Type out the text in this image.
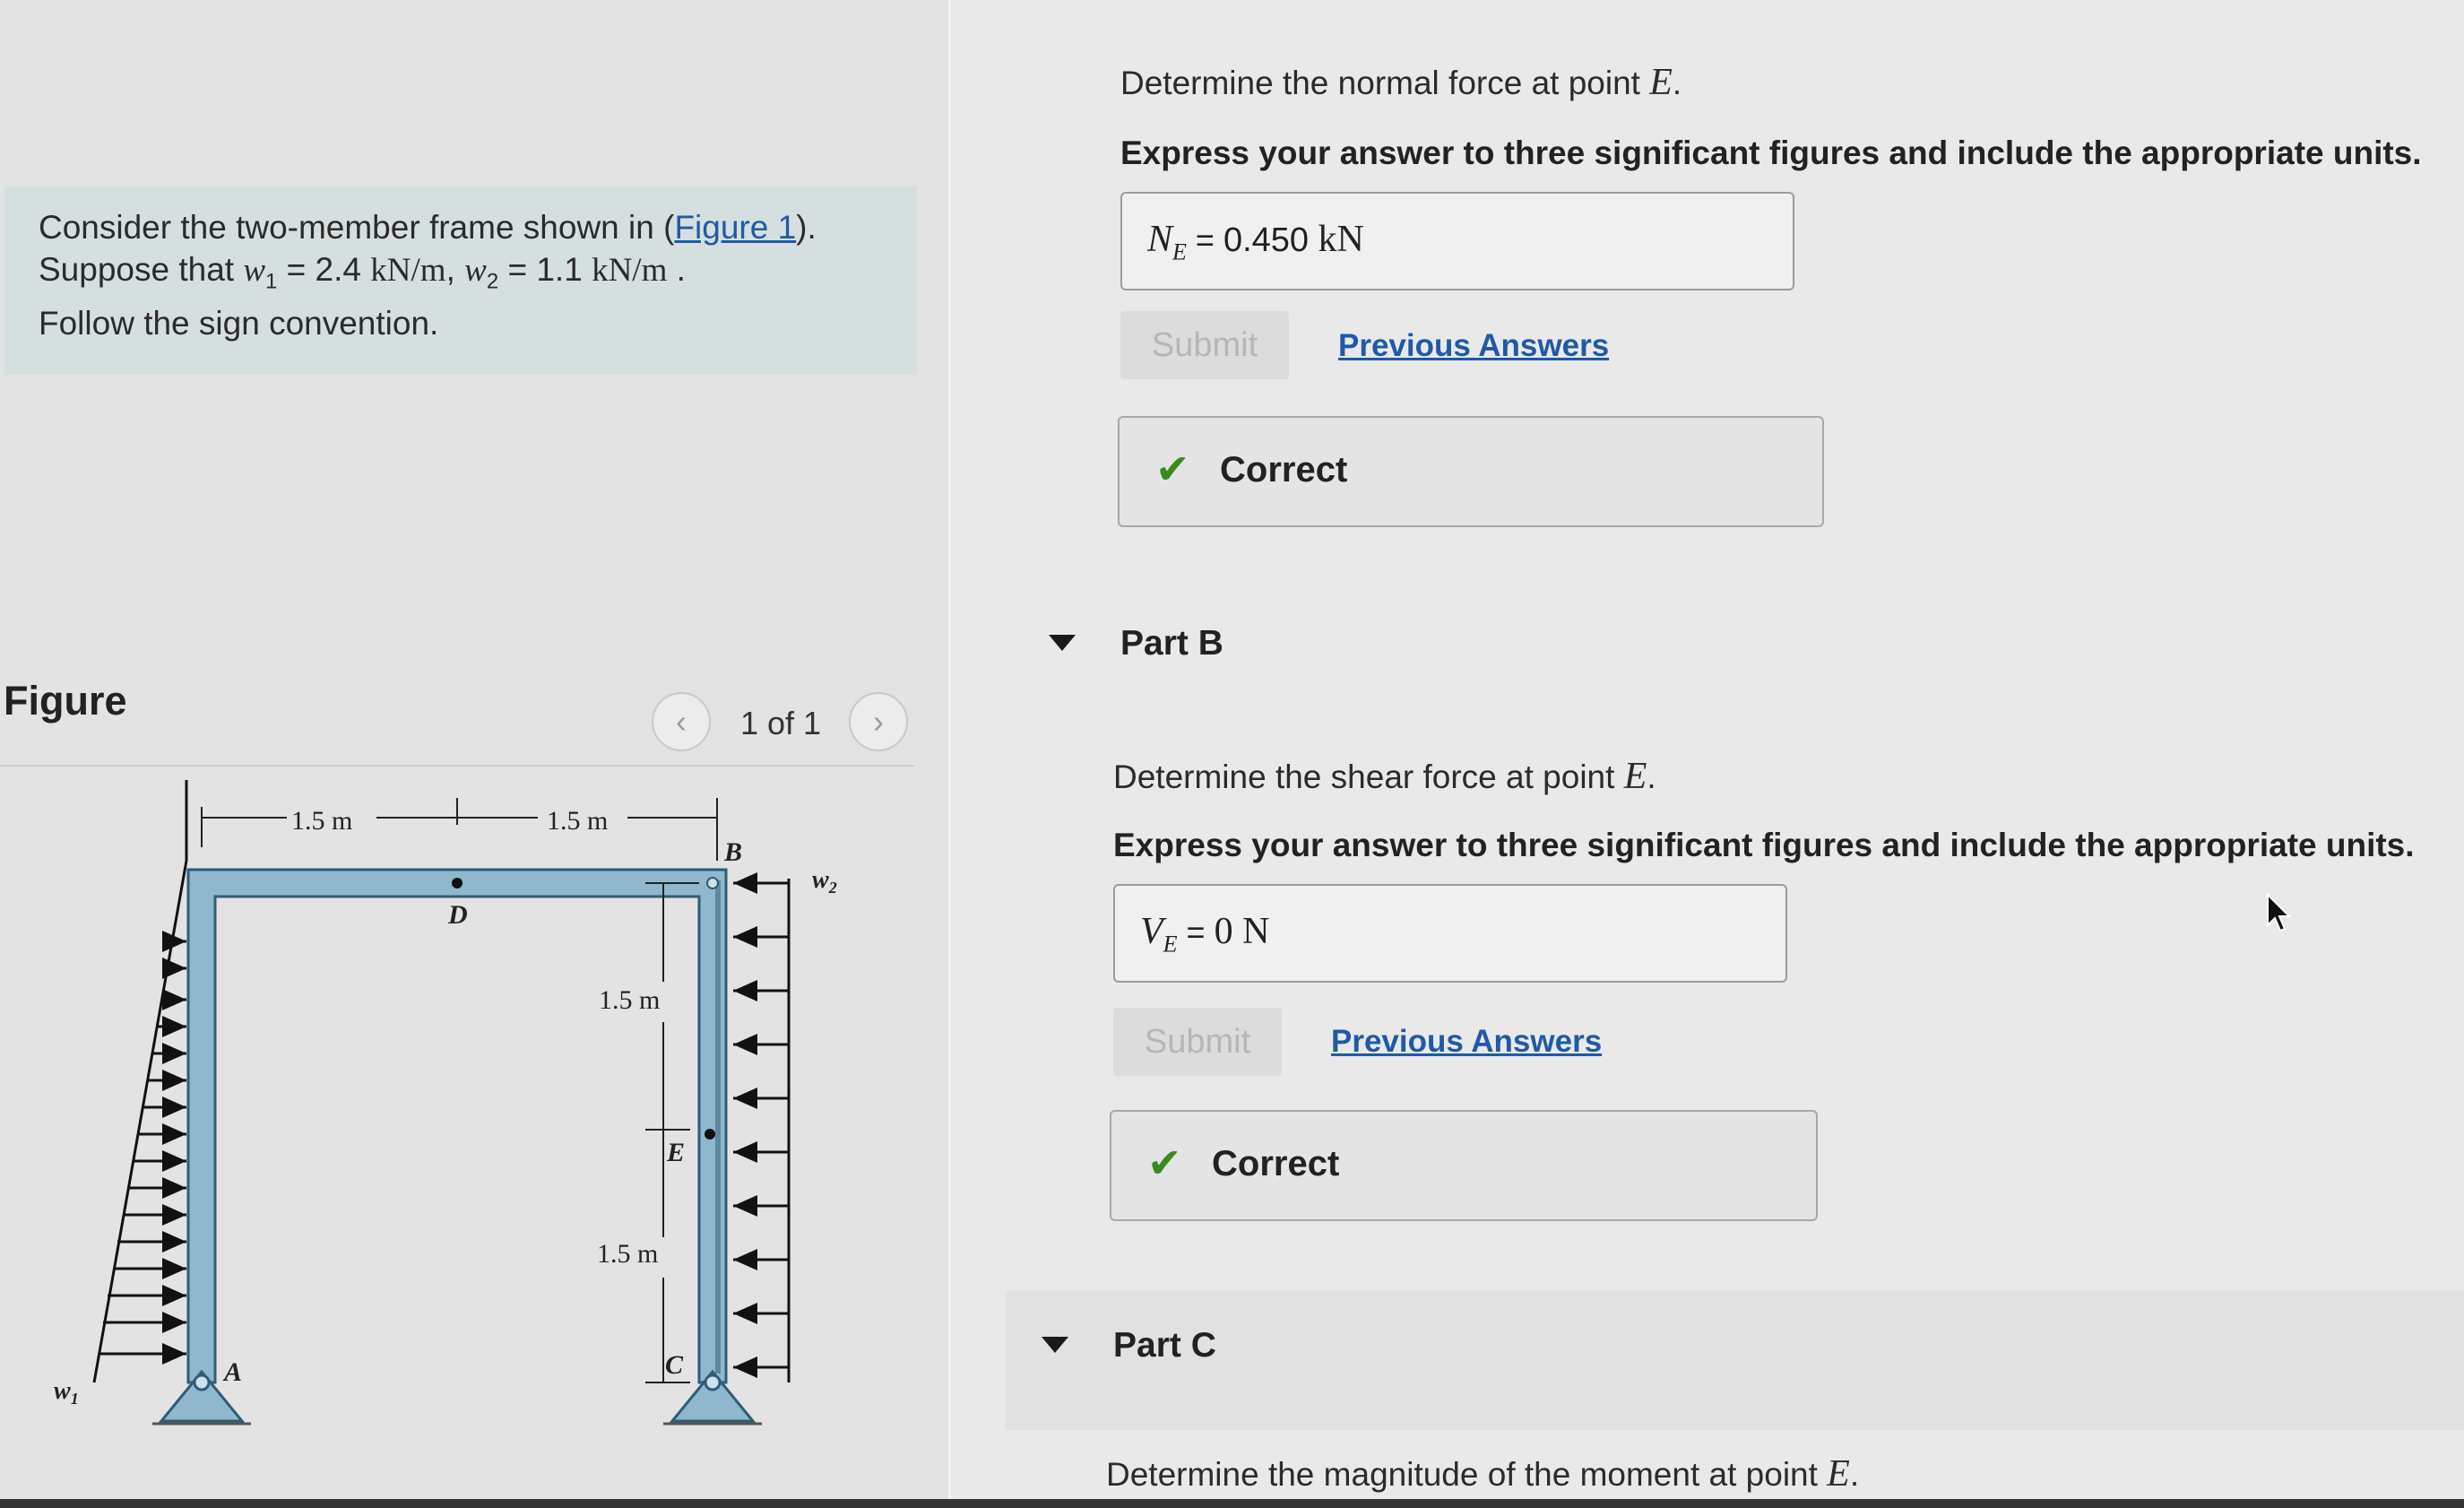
Consider the two-member frame shown in (Figure 1).
Suppose that $w_1 = 2.4$ kN/m, $w_2 = 1.1$ kN/m .
Follow the sign convention.
Figure	‹	1 of 1	›
1.5 m	1.5 m
1.5 m
1.5 m
A
B
C
D
E
$w_1$
$w_2$
Determine the normal force at point E.
Express your answer to three significant figures and include the appropriate units.
$N_E = 0.450$ kN
Submit	Previous Answers
✔ Correct
Part B
Determine the shear force at point E.
Express your answer to three significant figures and include the appropriate units.
$V_E = 0$ N
Submit	Previous Answers
✔ Correct
Part C
Determine the magnitude of the moment at point E.
